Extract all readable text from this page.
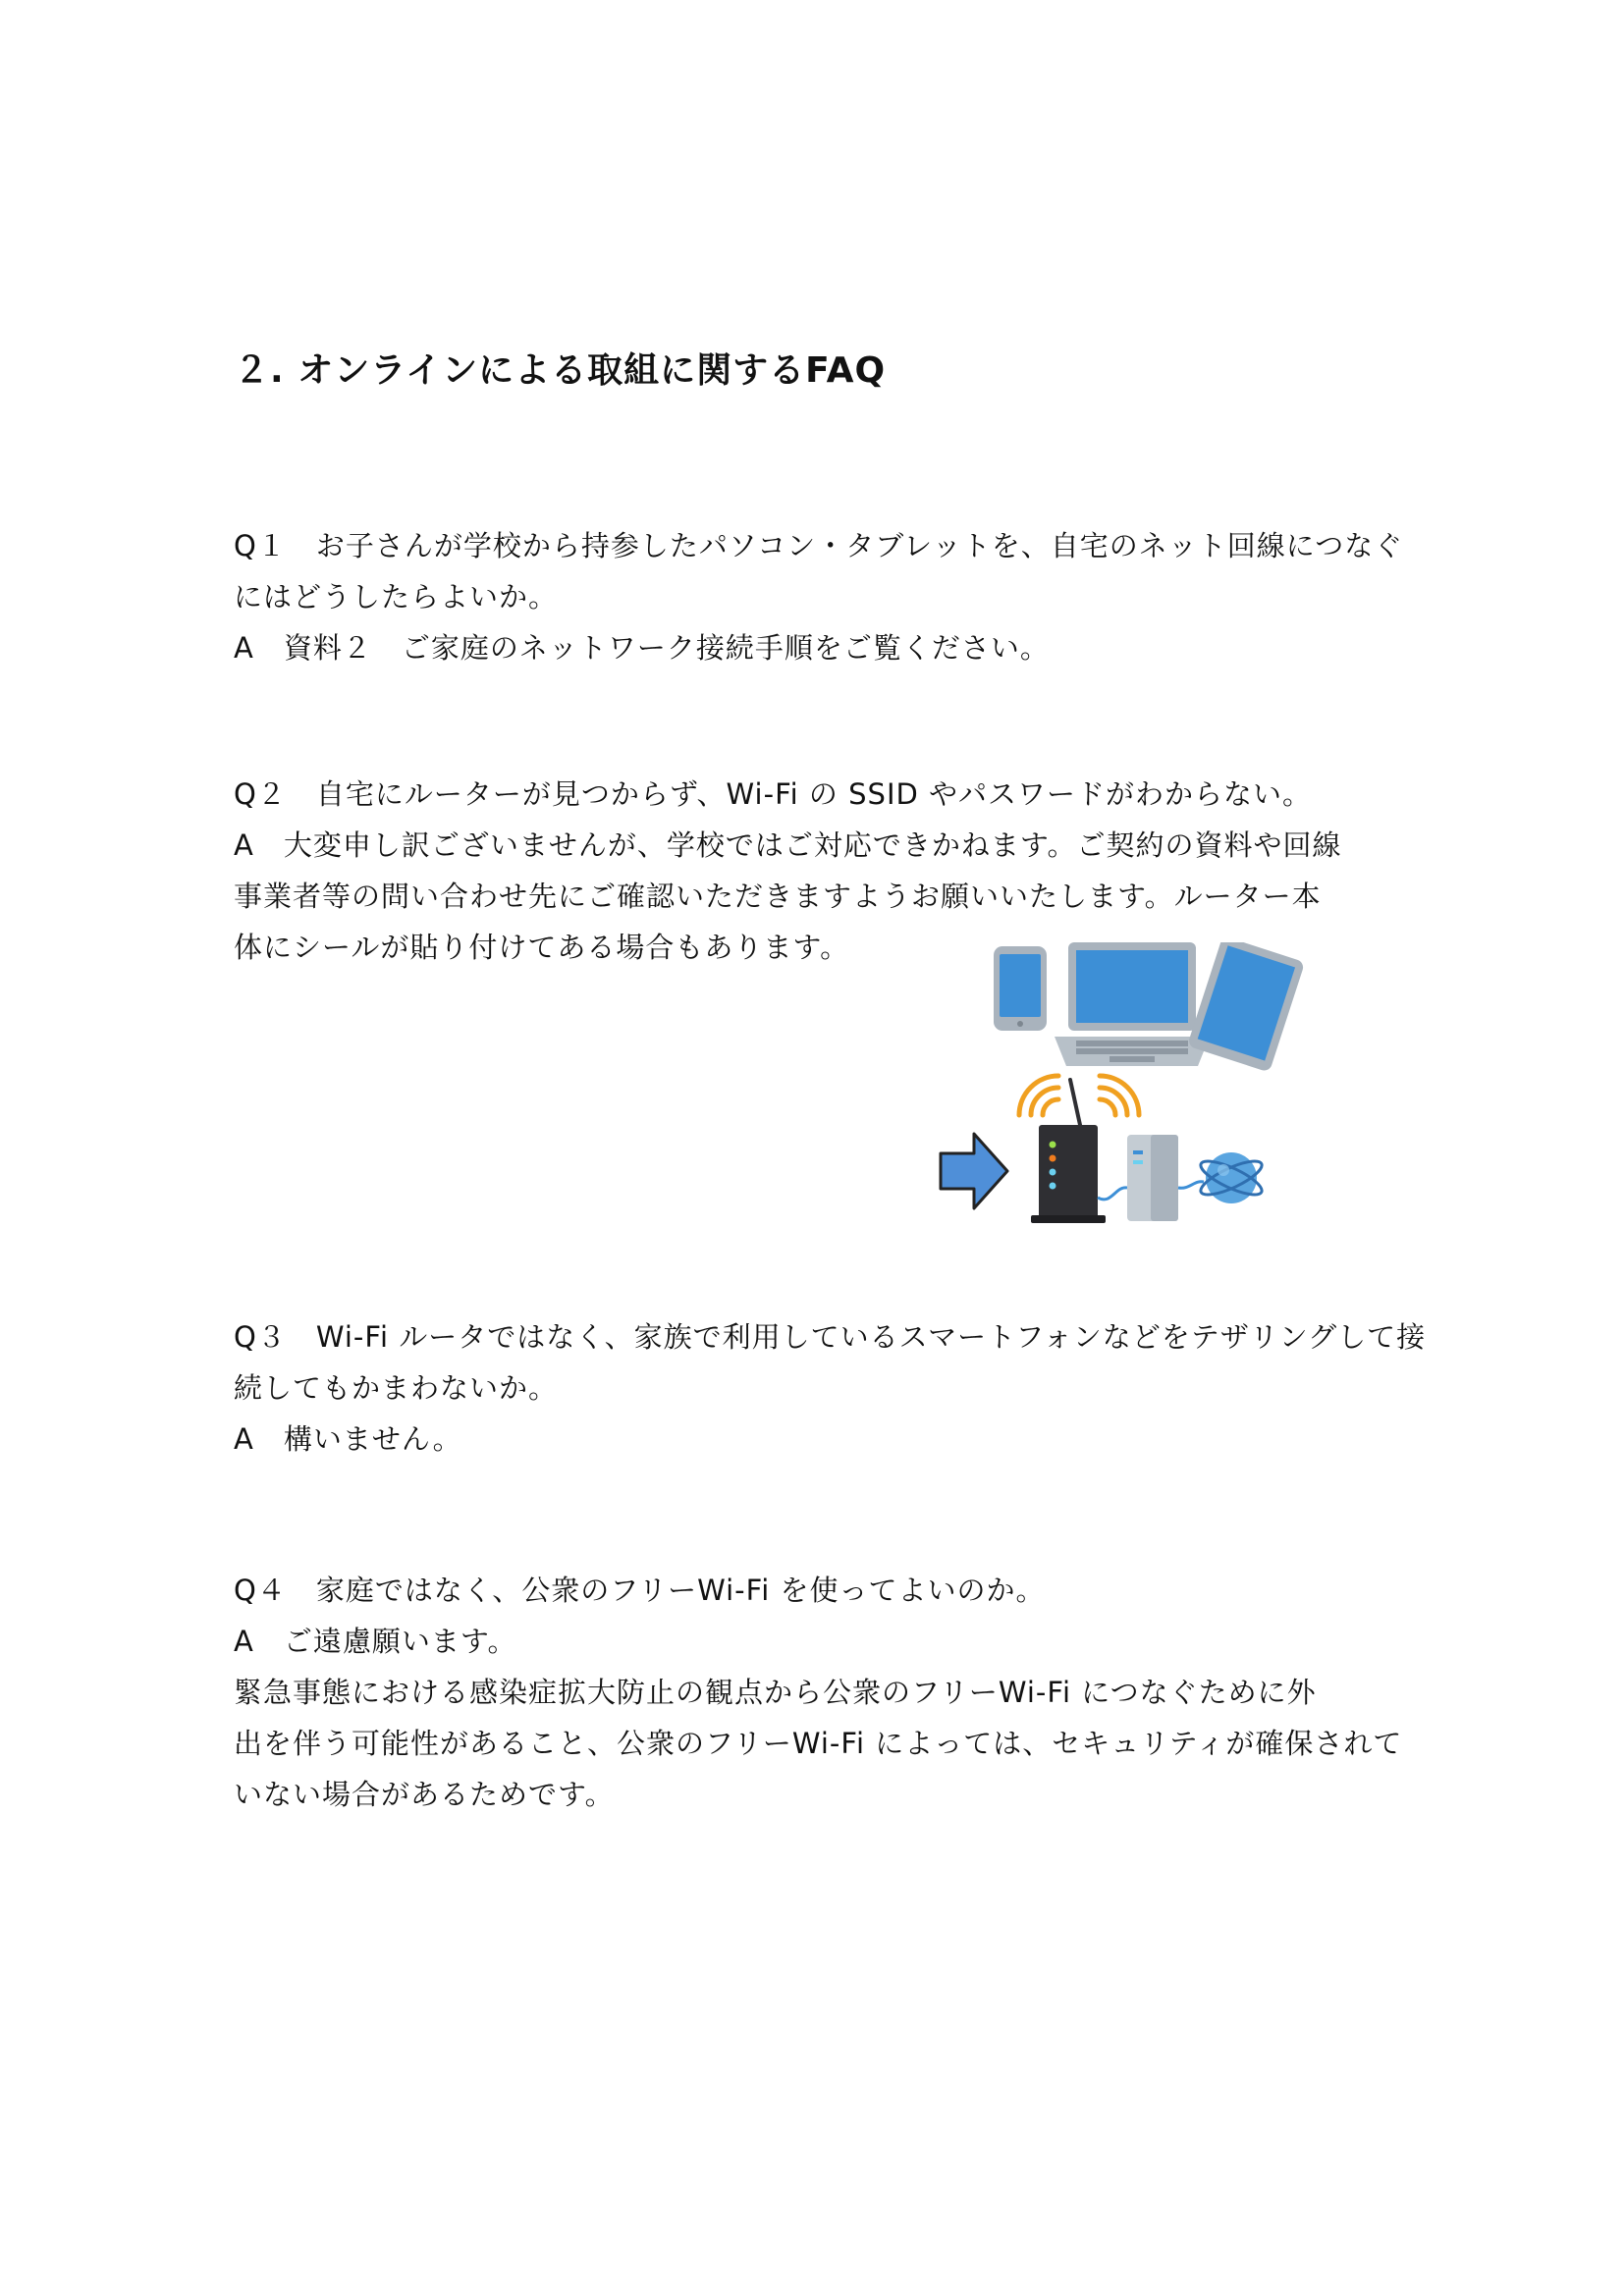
２. オンラインによる取組に関するFAQ

Q１　お子さんが学校から持参したパソコン・タブレットを、自宅のネット回線につなぐ

にはどうしたらよいか。

A　資料２　ご家庭のネットワーク接続手順をご覧ください。

Q２　自宅にルーターが見つからず、Wi-Fi の SSID やパスワードがわからない。

A　大変申し訳ございませんが、学校ではご対応できかねます。ご契約の資料や回線

事業者等の問い合わせ先にご確認いただきますようお願いいたします。ルーター本

体にシールが貼り付けてある場合もあります。

Q３　Wi-Fi ルータではなく、家族で利用しているスマートフォンなどをテザリングして接

続してもかまわないか。

A　構いません。

Q４　家庭ではなく、公衆のフリーWi-Fi を使ってよいのか。

A　ご遠慮願います。

緊急事態における感染症拡大防止の観点から公衆のフリーWi-Fi につなぐために外

出を伴う可能性があること、公衆のフリーWi-Fi によっては、セキュリティが確保されて

いない場合があるためです。
